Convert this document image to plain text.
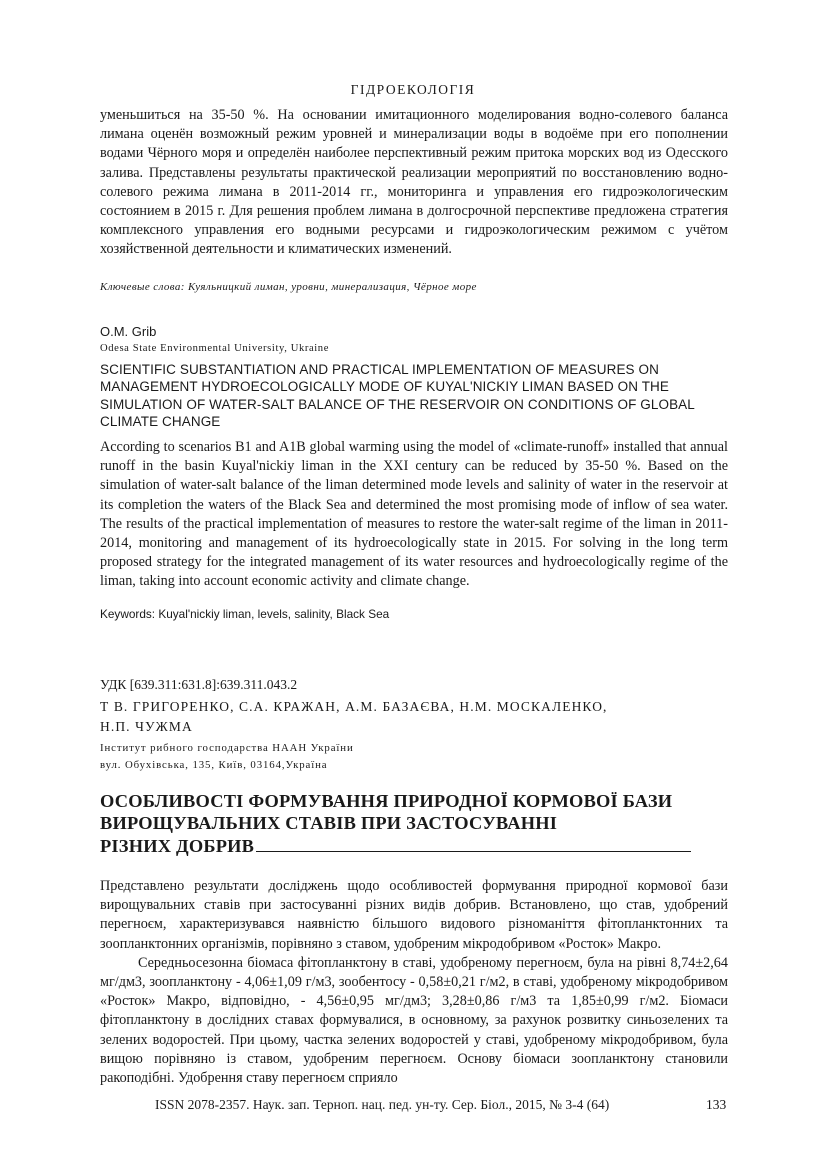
ГІДРОЕКОЛОГІЯ
уменьшиться на 35-50 %. На основании имитационного моделирования водно-солевого баланса лимана оценён возможный режим уровней и минерализации воды в водоёме при его пополнении водами Чёрного моря и определён наиболее перспективный режим притока морских вод из Одесского залива. Представлены результаты практической реализации мероприятий по восстановлению водно-солевого режима лимана в 2011-2014 гг., мониторинга и управления его гидроэкологическим состоянием в 2015 г. Для решения проблем лимана в долгосрочной перспективе предложена стратегия комплексного управления его водными ресурсами и гидроэкологическим режимом с учётом хозяйственной деятельности и климатических изменений.
Ключевые слова: Куяльницкий лиман, уровни, минерализация, Чёрное море
O.M. Grib
Odesa State Environmental University, Ukraine
SCIENTIFIC SUBSTANTIATION AND PRACTICAL IMPLEMENTATION OF MEASURES ON MANAGEMENT HYDROECOLOGICALLY MODE OF KUYAL'NICKIY LIMAN BASED ON THE SIMULATION OF WATER-SALT BALANCE OF THE RESERVOIR ON CONDITIONS OF GLOBAL CLIMATE CHANGE
According to scenarios B1 and A1B global warming using the model of «climate-runoff» installed that annual runoff in the basin Kuyal'nickiy liman in the XXI century can be reduced by 35-50 %. Based on the simulation of water-salt balance of the liman determined mode levels and salinity of water in the reservoir at its completion the waters of the Black Sea and determined the most promising mode of inflow of sea water. The results of the practical implementation of measures to restore the water-salt regime of the liman in 2011-2014, monitoring and management of its hydroecologically state in 2015. For solving in the long term proposed strategy for the integrated management of its water resources and hydroecologically regime of the liman, taking into account economic activity and climate change.
Keywords: Kuyal'nickiy liman, levels, salinity, Black Sea
УДК [639.311:631.8]:639.311.043.2
Т В. ГРИГОРЕНКО, С.А. КРАЖАН, А.М. БАЗАЄВА, Н.М. МОСКАЛЕНКО,
Н.П. ЧУЖМА
Інститут рибного господарства НААН України
вул. Обухівська, 135, Київ, 03164,Україна
ОСОБЛИВОСТІ ФОРМУВАННЯ ПРИРОДНОЇ КОРМОВОЇ БАЗИ
ВИРОЩУВАЛЬНИХ СТАВІВ ПРИ ЗАСТОСУВАННІ
РІЗНИХ ДОБРИВ

Представлено результати досліджень щодо особливостей формування природної кормової бази вирощувальних ставів при застосуванні різних видів добрив. Встановлено, що став, удобрений перегноєм, характеризувався наявністю більшого видового різноманіття фітопланктонних та зоопланктонних організмів, порівняно з ставом, удобреним мікродобривом «Росток» Макро.

Середньосезонна біомаса фітопланктону в ставі, удобреному перегноєм, була на рівні 8,74±2,64 мг/дм3, зоопланктону - 4,06±1,09 г/м3, зообентосу - 0,58±0,21 г/м2, в ставі, удобреному мікродобривом «Росток» Макро, відповідно, - 4,56±0,95 мг/дм3; 3,28±0,86 г/м3 та 1,85±0,99 г/м2. Біомаси фітопланктону в дослідних ставах формувалися, в основному, за рахунок розвитку синьозелених та зелених водоростей. При цьому, частка зелених водоростей у ставі, удобреному мікродобривом, була вищою порівняно із ставом, удобреним перегноєм. Основу біомаси зоопланктону становили ракоподібні. Удобрення ставу перегноєм сприяло

ISSN 2078-2357. Наук. зап. Терноп. нац. пед. ун-ту. Сер. Біол., 2015, № 3-4 (64)	133
